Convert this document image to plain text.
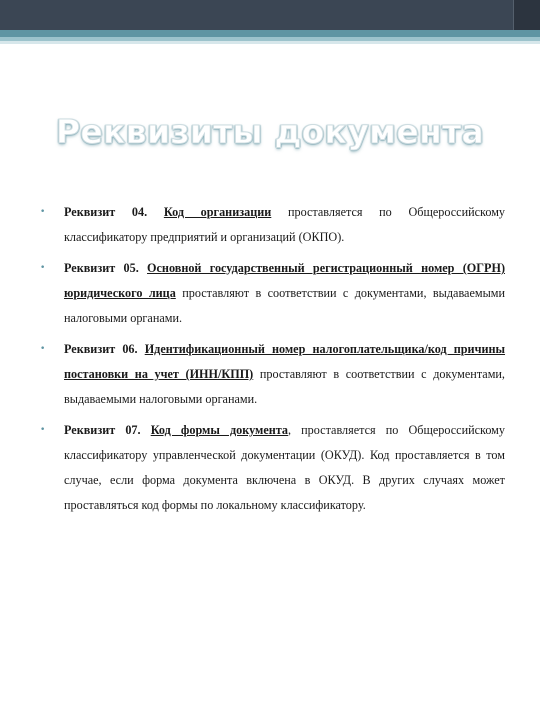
Реквизиты документа
• Реквизит 04. Код организации проставляется по Общероссийскому классификатору предприятий и организаций (ОКПО).
• Реквизит 05. Основной государственный регистрационный номер (ОГРН) юридического лица проставляют в соответствии с документами, выдаваемыми налоговыми органами.
• Реквизит 06. Идентификационный номер налогоплательщика/код причины постановки на учет (ИНН/КПП) проставляют в соответствии с документами, выдаваемыми налоговыми органами.
• Реквизит 07. Код формы документа, проставляется по Общероссийскому классификатору управленческой документации (ОКУД). Код проставляется в том случае, если форма документа включена в ОКУД. В других случаях может проставляться код формы по локальному классификатору.
